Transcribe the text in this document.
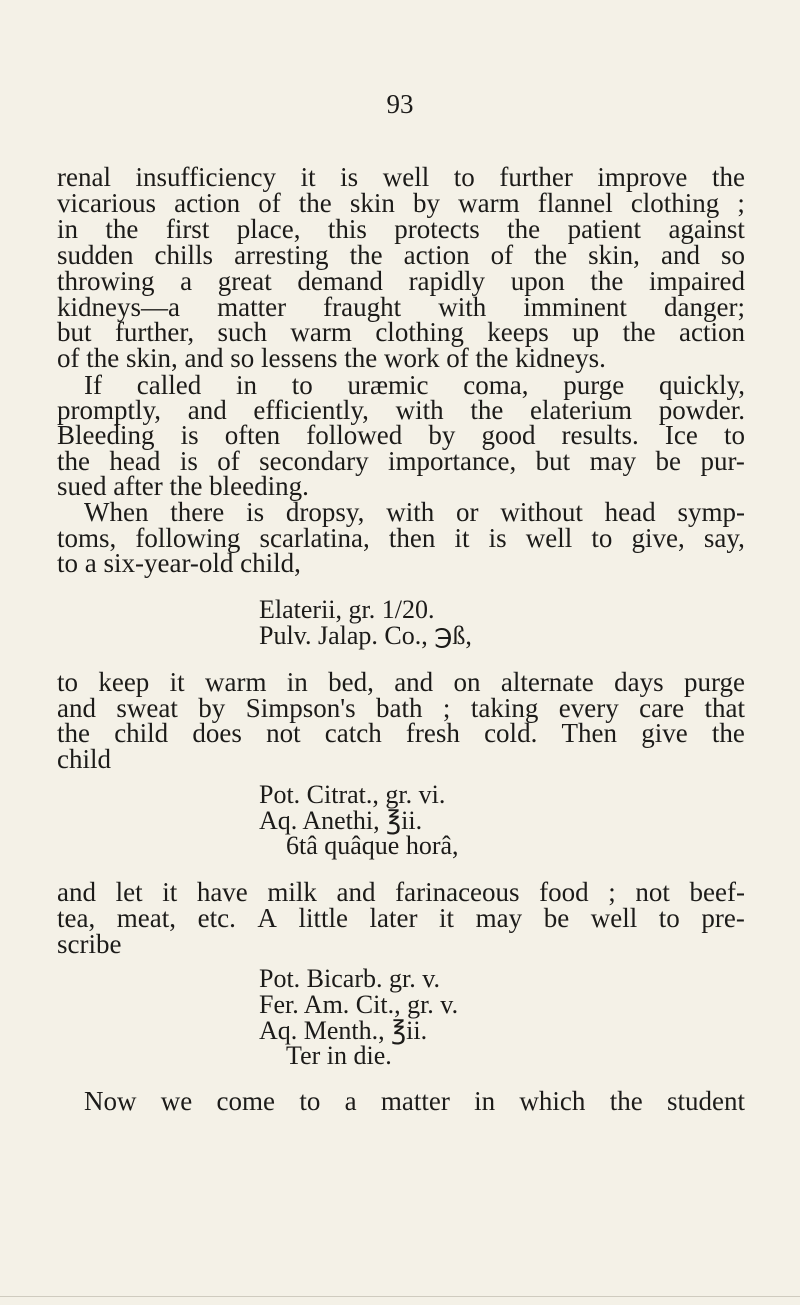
93
renal insufficiency it is well to further improve the
vicarious action of the skin by warm flannel clothing ;
in the first place, this protects the patient against
sudden chills arresting the action of the skin, and so
throwing a great demand rapidly upon the impaired
kidneys—a matter fraught with imminent danger;
but further, such warm clothing keeps up the action
of the skin, and so lessens the work of the kidneys.
If called in to uræmic coma, purge quickly,
promptly, and efficiently, with the elaterium powder.
Bleeding is often followed by good results. Ice to
the head is of secondary importance, but may be pur-
sued after the bleeding.
When there is dropsy, with or without head symp-
toms, following scarlatina, then it is well to give, say,
to a six-year-old child,
Elaterii, gr. 1/20.
Pulv. Jalap. Co., ℈ß,
to keep it warm in bed, and on alternate days purge
and sweat by Simpson's bath ; taking every care that
the child does not catch fresh cold. Then give the
child
Pot. Citrat., gr. vi.
Aq. Anethi, ℥ii.
6tâ quâque horâ,
and let it have milk and farinaceous food ; not beef-
tea, meat, etc. A little later it may be well to pre-
scribe
Pot. Bicarb. gr. v.
Fer. Am. Cit., gr. v.
Aq. Menth., ℥ii.
Ter in die.
Now we come to a matter in which the student
